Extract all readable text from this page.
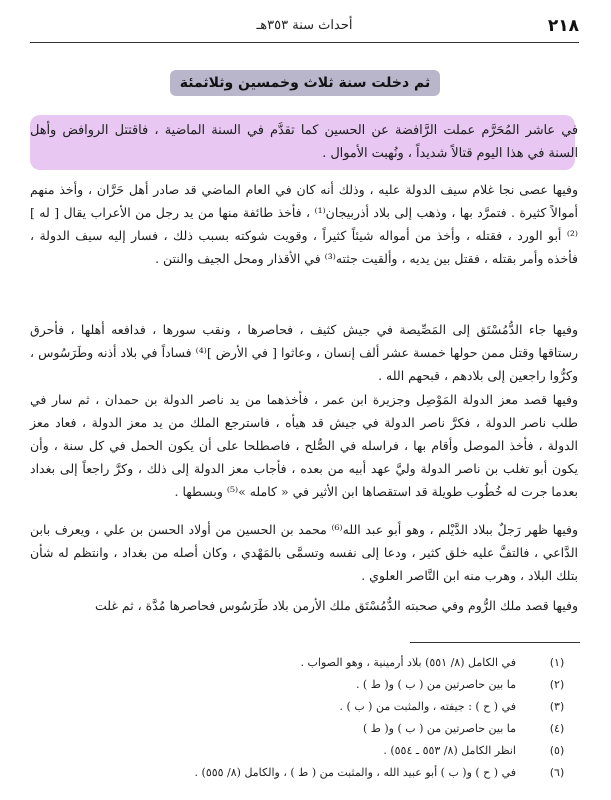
٢١٨
أحداث سنة ٣٥٣هـ
ثم دخلت سنة ثلاث وخمسين وثلاثمئة

في عاشر المُحَرَّم عملت الرَّافضة عن الحسين كما تقدَّم في السنة الماضية ، فاقتتل الروافض وأهل السنة في هذا اليوم قتالاً شديداً ، ونُهبت الأموال .

وفيها عصى نجا غلام سيف الدولة عليه ، وذلك أنه كان في العام الماضي قد صادر أهل حَرَّان ، وأخذ منهم أموالاً كثيرة . فتمرَّد بها ، وذهب إلى بلاد أذربيجان⁽¹⁾ ، فأخذ طائفة منها من يد رجل من الأعراب يقال [ له ]⁽²⁾ أبو الورد ، فقتله ، وأخذ من أمواله شيئاً كثيراً ، وقويت شوكته بسبب ذلك ، فسار إليه سيف الدولة ، فأخذه وأمر بقتله ، فقتل بين يديه ، وألقيت جثته⁽³⁾ في الأقذار ومحل الجيف والنتن .

وفيها جاء الدُّمُسْتَق إلى المَصِّيصة في جيش كثيف ، فحاصرها ، ونقب سورها ، فدافعه أهلها ، فأحرق رستاقها وقتل ممن حولها خمسة عشر ألف إنسان ، وعاثوا [ في الأرض ]⁽⁴⁾ فساداً في بلاد أذنه وطَرَسُوس ، وكرُّوا راجعين إلى بلادهم ، قبحهم الله .

وفيها قصد معز الدولة المَوْصِل وجزيرة ابن عمر ، فأخذهما من يد ناصر الدولة بن حمدان ، ثم سار في طلب ناصر الدولة ، فكرَّ ناصر الدولة في جيش قد هيأه ، فاسترجع الملك من يد معز الدولة ، فعاد معز الدولة ، فأخذ الموصل وأقام بها ، فراسله في الصُّلح ، فاصطلحا على أن يكون الحمل في كل سنة ، وأن يكون أبو تغلب بن ناصر الدولة وليَّ عهد أبيه من بعده ، فأجاب معز الدولة إلى ذلك ، وكرَّ راجعاً إلى بغداد بعدما جرت له خُطُوب طويلة قد استقصاها ابن الأثير في « كامله »⁽⁵⁾ وبسطها .

وفيها ظهر رَجلٌ ببلاد الدَّيْلم ، وهو أبو عبد الله⁽⁶⁾ محمد بن الحسين من أولاد الحسن بن علي ، ويعرف بابن الدَّاعي ، فالتفَّ عليه خلق كثير ، ودعا إلى نفسه وتسمَّى بالمَهْدي ، وكان أصله من بغداد ، وانتظم له شأن بتلك البلاد ، وهرب منه ابن النَّاصر العلوي .

وفيها قصد ملك الرُّوم وفي صحبته الدُّمُسْتَق ملك الأرمن بلاد طَرَسُوس فحاصرها مُدَّة ، ثم غلت

(١)
في الكامل (٨/ ٥٥١) بلاد أرمينية ، وهو الصواب .
(٢)
ما بين حاصرتين من ( ب ) و( ط ) .
(٣)
في ( ح ) : جيفته ، والمثبت من ( ب ) .
(٤)
ما بين حاصرتين من ( ب ) و( ط )
(٥)
انظر الكامل (٨/ ٥٥٣ ـ ٥٥٤) .
(٦)
في ( ح ) و( ب ) أبو عبيد الله ، والمثبت من ( ط ) ، والكامل (٨/ ٥٥٥) .
